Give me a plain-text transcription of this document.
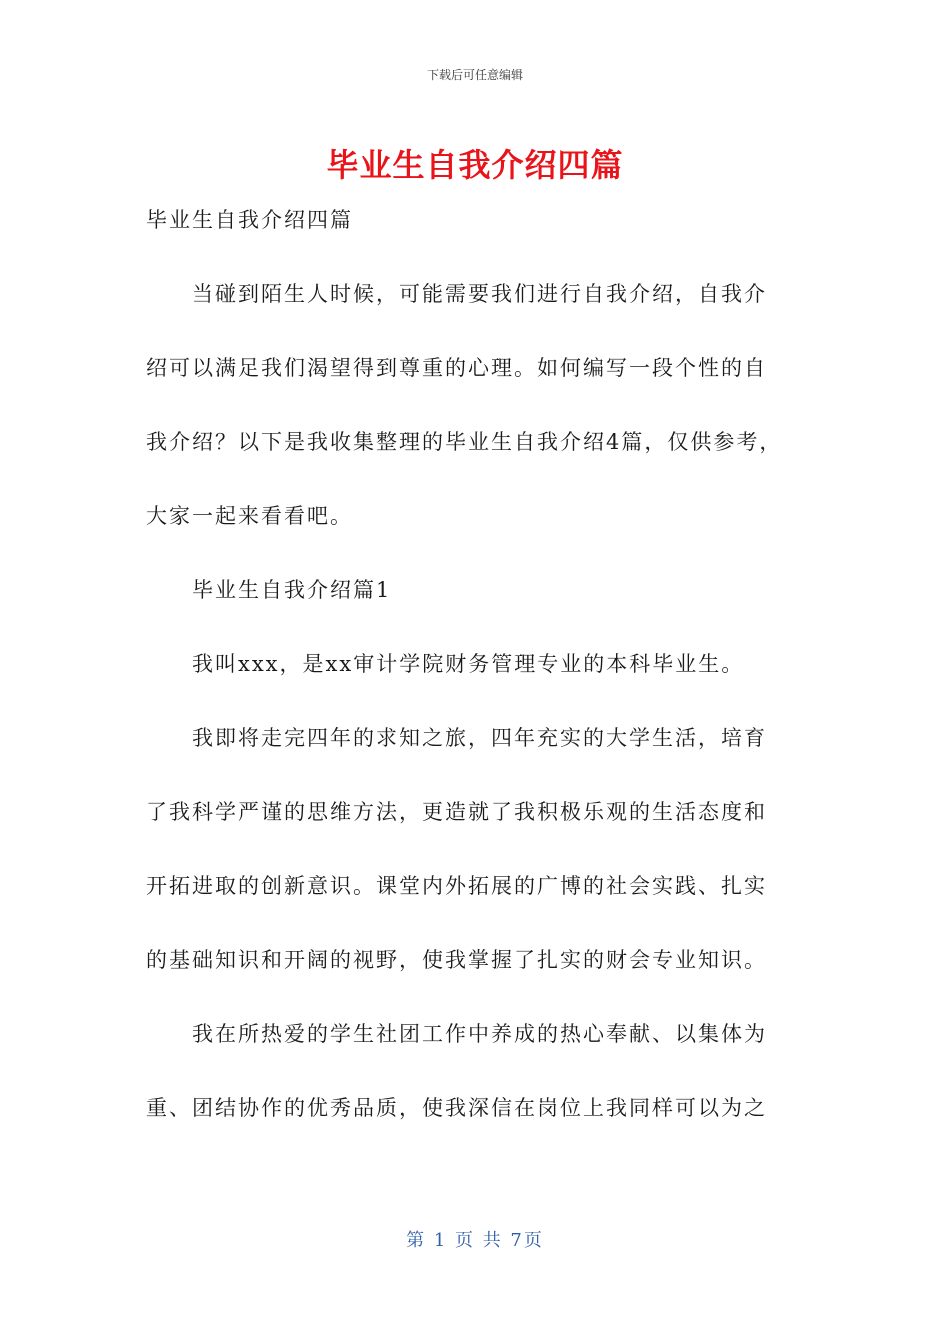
下载后可任意编辑
毕业生自我介绍四篇
毕业生自我介绍四篇
当碰到陌生人时候，可能需要我们进行自我介绍，自我介
绍可以满足我们渴望得到尊重的心理。如何编写一段个性的自
我介绍？以下是我收集整理的毕业生自我介绍4篇，仅供参考，
大家一起来看看吧。
毕业生自我介绍篇1
我叫xxx，是xx审计学院财务管理专业的本科毕业生。
我即将走完四年的求知之旅，四年充实的大学生活，培育
了我科学严谨的思维方法，更造就了我积极乐观的生活态度和
开拓进取的创新意识。课堂内外拓展的广博的社会实践、扎实
的基础知识和开阔的视野，使我掌握了扎实的财会专业知识。
我在所热爱的学生社团工作中养成的热心奉献、以集体为
重、团结协作的优秀品质，使我深信在岗位上我同样可以为之
第 1 页 共 7页
